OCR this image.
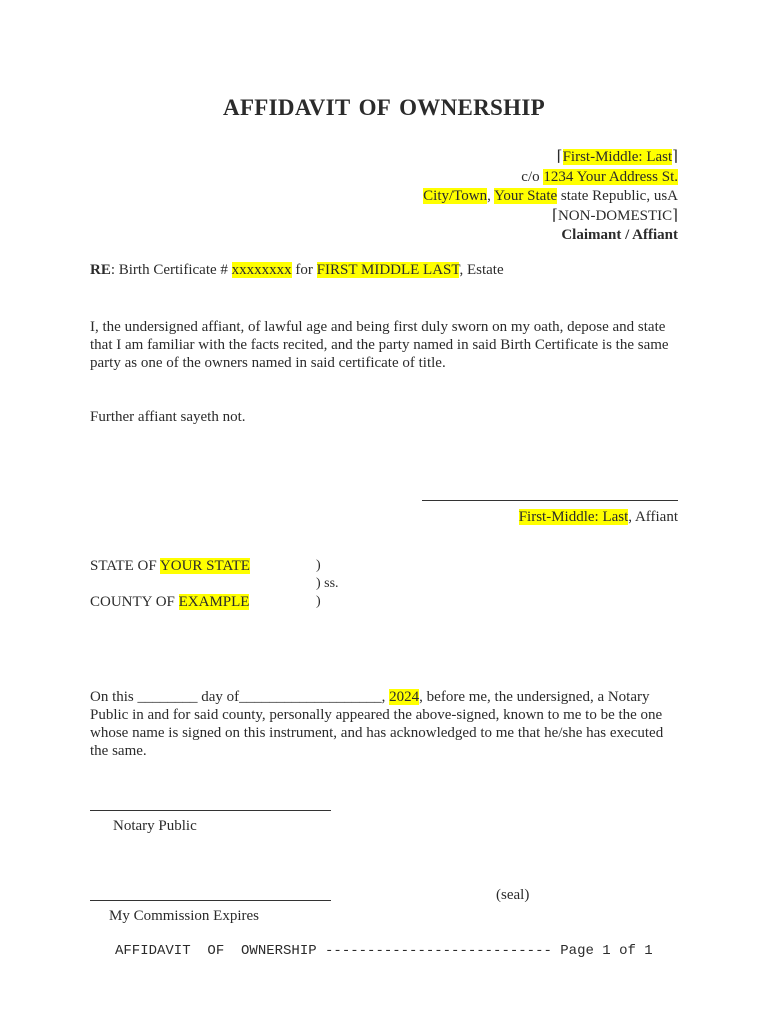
AFFIDAVIT OF OWNERSHIP
⌈First-Middle: Last⌉
c/o 1234 Your Address St.
City/Town, Your State state Republic, usA
⌈NON-DOMESTIC⌉
Claimant / Affiant
RE: Birth Certificate # xxxxxxxx for FIRST MIDDLE LAST, Estate
I, the undersigned affiant, of lawful age and being first duly sworn on my oath, depose and state that I am familiar with the facts recited, and the party named in said Birth Certificate is the same party as one of the owners named in said certificate of title.
Further affiant sayeth not.
First-Middle: Last, Affiant
STATE OF YOUR STATE
COUNTY OF EXAMPLE
)
) ss.
)
On this ________ day of___________________, 2024, before me, the undersigned, a Notary Public in and for said county, personally appeared the above-signed, known to me to be the one whose name is signed on this instrument, and has acknowledged to me that he/she has executed the same.
Notary Public
(seal)
My Commission Expires
AFFIDAVIT  OF  OWNERSHIP --------------------------- Page 1 of 1
